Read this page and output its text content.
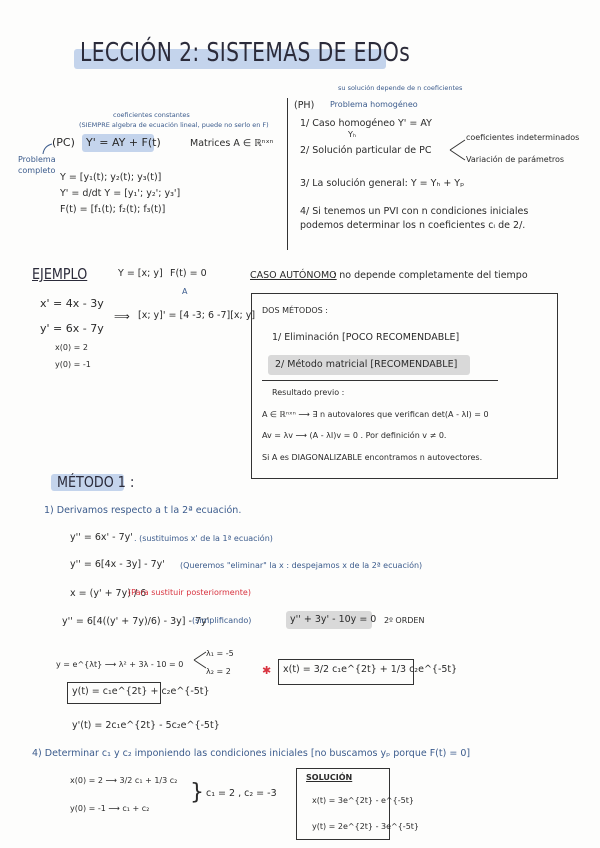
LECCIÓN 2: SISTEMAS DE EDOs
coeficientes constantes
(SIEMPRE algebra de ecuación lineal, puede no serlo en F)
(PC) Y' = AY + F(t)	Matrices A ∈ ℝⁿˣⁿ
Problema
completo
Y = [y₁(t); y₂(t); y₃(t)]
Y' = d/dt Y = [y₁'; y₂'; y₃']
F(t) = [f₁(t); f₂(t); f₃(t)]
su solución depende de n coeficientes
(PH) Problema homogéneo
1/ Caso homogéneo Y' = AY
Yₕ
2/ Solución particular de PC
coeficientes indeterminados
Variación de parámetros
3/ La solución general: Y = Yₕ + Yₚ
4/ Si tenemos un PVI con n condiciones iniciales
podemos determinar los n coeficientes cᵢ de 2/.
EJEMPLO	Y = [x; y] F(t) = 0	CASO AUTÓNOMO
: no depende completamente del tiempo
x' = 4x - 3y
y' = 6x - 7y
x(0) = 2
y(0) = -1
⟹
A
[x; y]' = [4 -3; 6 -7][x; y] DOS MÉTODOS :
1/ Eliminación [POCO RECOMENDABLE]
2/ Método matricial [RECOMENDABLE]
Resultado previo :
A ∈ ℝⁿˣⁿ ⟶ ∃ n autovalores que verifican det(A - λI) = 0
Av = λv ⟶ (A - λI)v = 0 . Por definición v ≠ 0.
Si A es DIAGONALIZABLE encontramos n autovectores.
MÉTODO 1 :
1) Derivamos respecto a t la 2ª ecuación.
y'' = 6x' - 7y' . (sustituimos x' de la 1ª ecuación)
y'' = 6[4x - 3y] - 7y' (Queremos "eliminar" la x : despejamos x de la 2ª ecuación)
x = (y' + 7y) / 6
(Para sustituir posteriormente)
y'' = 6[4((y' + 7y)/6) - 3y] - 7y'
(simplificando)	y'' + 3y' - 10y = 0 2º ORDEN
y = e^{λt} ⟶ λ² + 3λ - 10 = 0
λ₁ = -5
λ₂ = 2
y(t) = c₁e^{2t} + c₂e^{-5t}
✱ x(t) = 3/2 c₁e^{2t} + 1/3 c₂e^{-5t}
y'(t) = 2c₁e^{2t} - 5c₂e^{-5t}
4) Determinar c₁ y c₂ imponiendo las condiciones iniciales [no buscamos yₚ porque F(t) = 0]
x(0) = 2 ⟶ 3/2 c₁ + 1/3 c₂
y(0) = -1 ⟶ c₁ + c₂
} c₁ = 2 , c₂ = -3
SOLUCIÓN
x(t) = 3e^{2t} - e^{-5t}
y(t) = 2e^{2t} - 3e^{-5t}
